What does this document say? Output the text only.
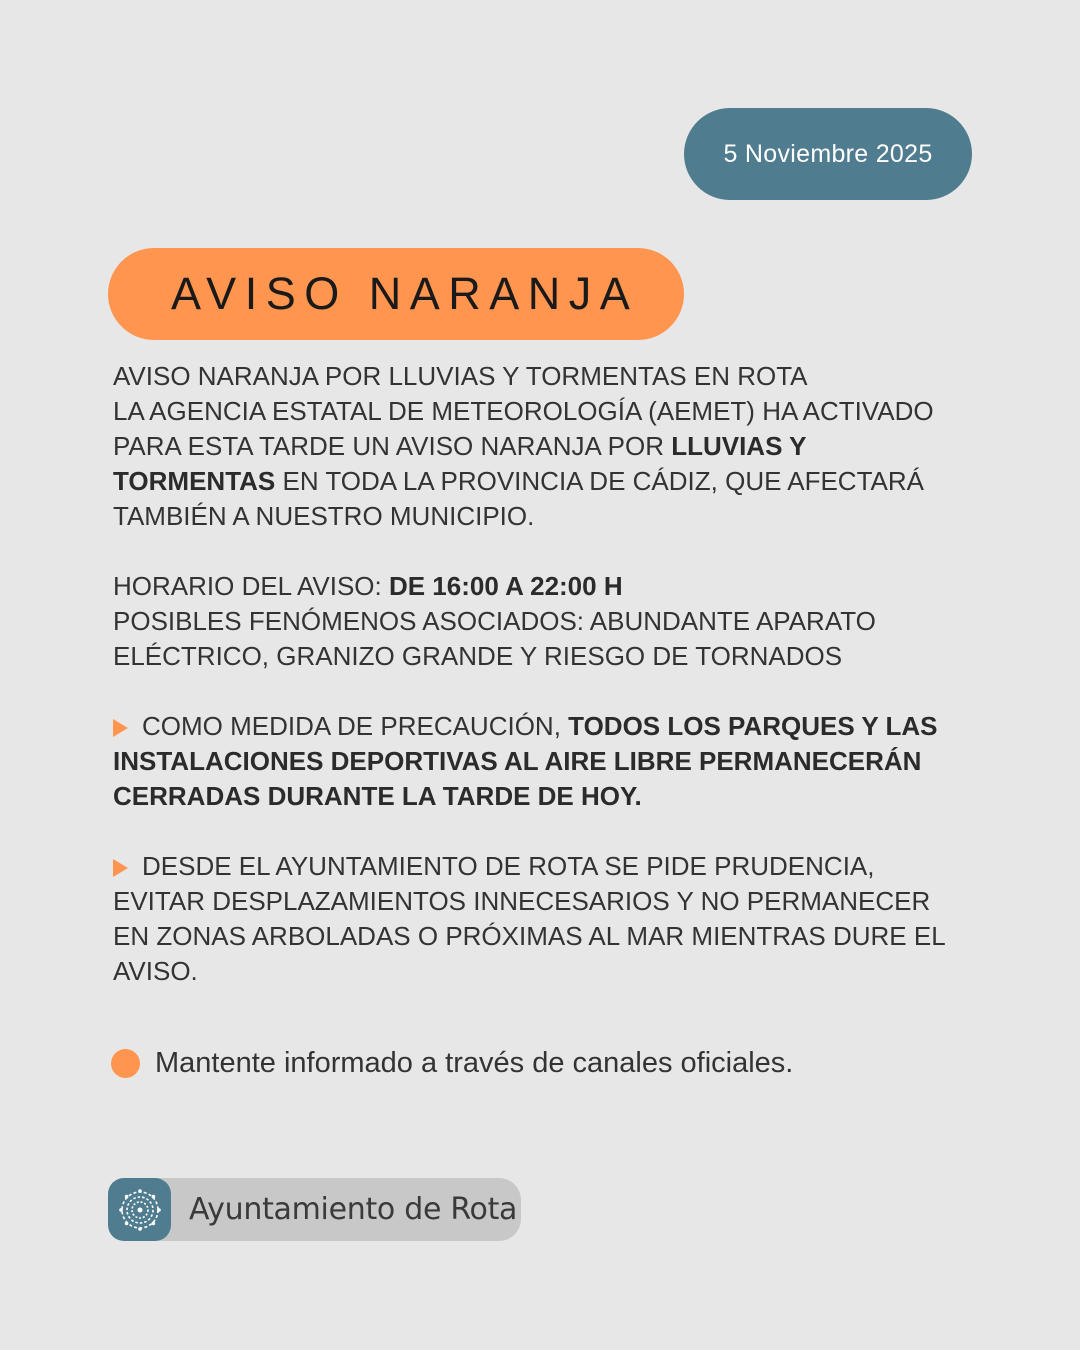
5 Noviembre 2025
AVISO NARANJA

AVISO NARANJA POR LLUVIAS Y TORMENTAS EN ROTA
LA AGENCIA ESTATAL DE METEOROLOGÍA (AEMET) HA ACTIVADO PARA ESTA TARDE UN AVISO NARANJA POR LLUVIAS Y TORMENTAS EN TODA LA PROVINCIA DE CÁDIZ, QUE AFECTARÁ TAMBIÉN A NUESTRO MUNICIPIO.

HORARIO DEL AVISO: DE 16:00 A 22:00 H
POSIBLES FENÓMENOS ASOCIADOS: ABUNDANTE APARATO ELÉCTRICO, GRANIZO GRANDE Y RIESGO DE TORNADOS

COMO MEDIDA DE PRECAUCIÓN, TODOS LOS PARQUES Y LAS INSTALACIONES DEPORTIVAS AL AIRE LIBRE PERMANECERÁN CERRADAS DURANTE LA TARDE DE HOY.

DESDE EL AYUNTAMIENTO DE ROTA SE PIDE PRUDENCIA, EVITAR DESPLAZAMIENTOS INNECESARIOS Y NO PERMANECER EN ZONAS ARBOLADAS O PRÓXIMAS AL MAR MIENTRAS DURE EL AVISO.

Mantente informado a través de canales oficiales.
Ayuntamiento de Rota
